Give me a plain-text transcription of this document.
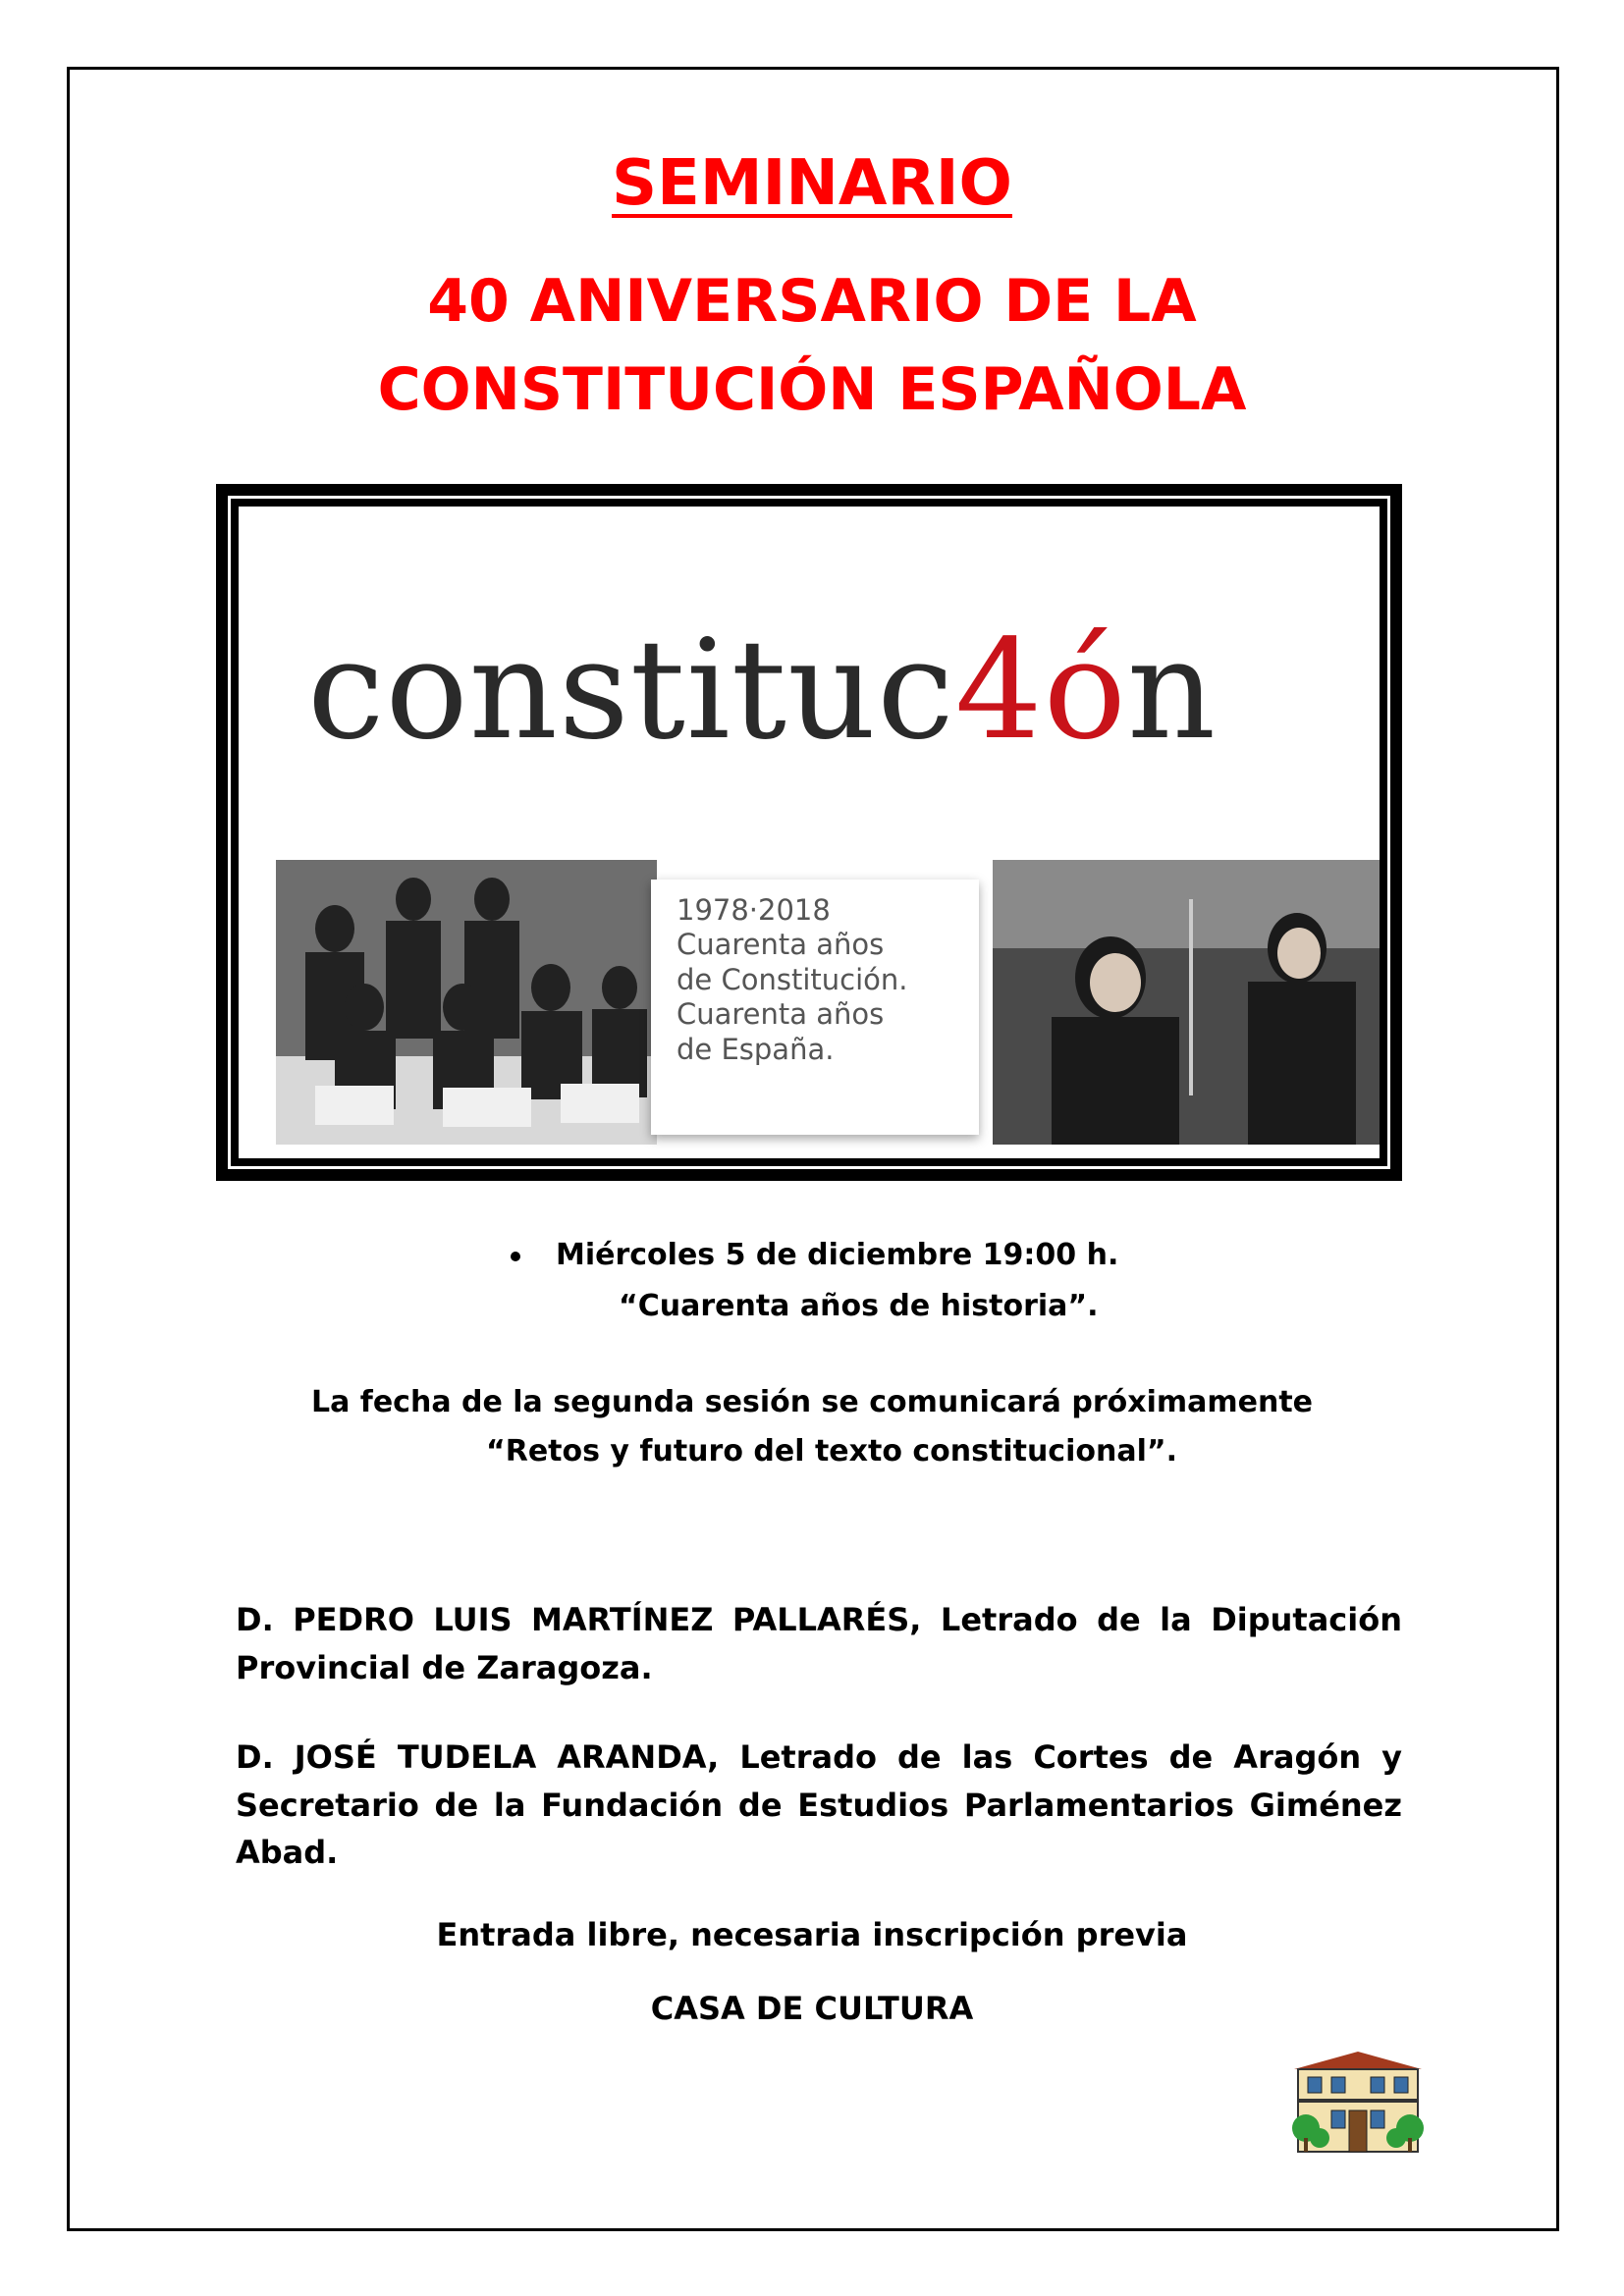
SEMINARIO
40 ANIVERSARIO DE LA
CONSTITUCIÓN ESPAÑOLA
constituc4ón
1978·2018
Cuarenta años
de Constitución.
Cuarenta años
de España.
Miércoles 5 de diciembre 19:00 h.
“Cuarenta años de historia”.
La fecha de la segunda sesión se comunicará próximamente
“Retos y futuro del texto constitucional”.
D. PEDRO LUIS MARTÍNEZ PALLARÉS, Letrado de la Diputación Provincial de Zaragoza.
D. JOSÉ TUDELA ARANDA, Letrado de las Cortes de Aragón y Secretario de la Fundación de Estudios Parlamentarios Giménez Abad.
Entrada libre, necesaria inscripción previa
CASA DE CULTURA
